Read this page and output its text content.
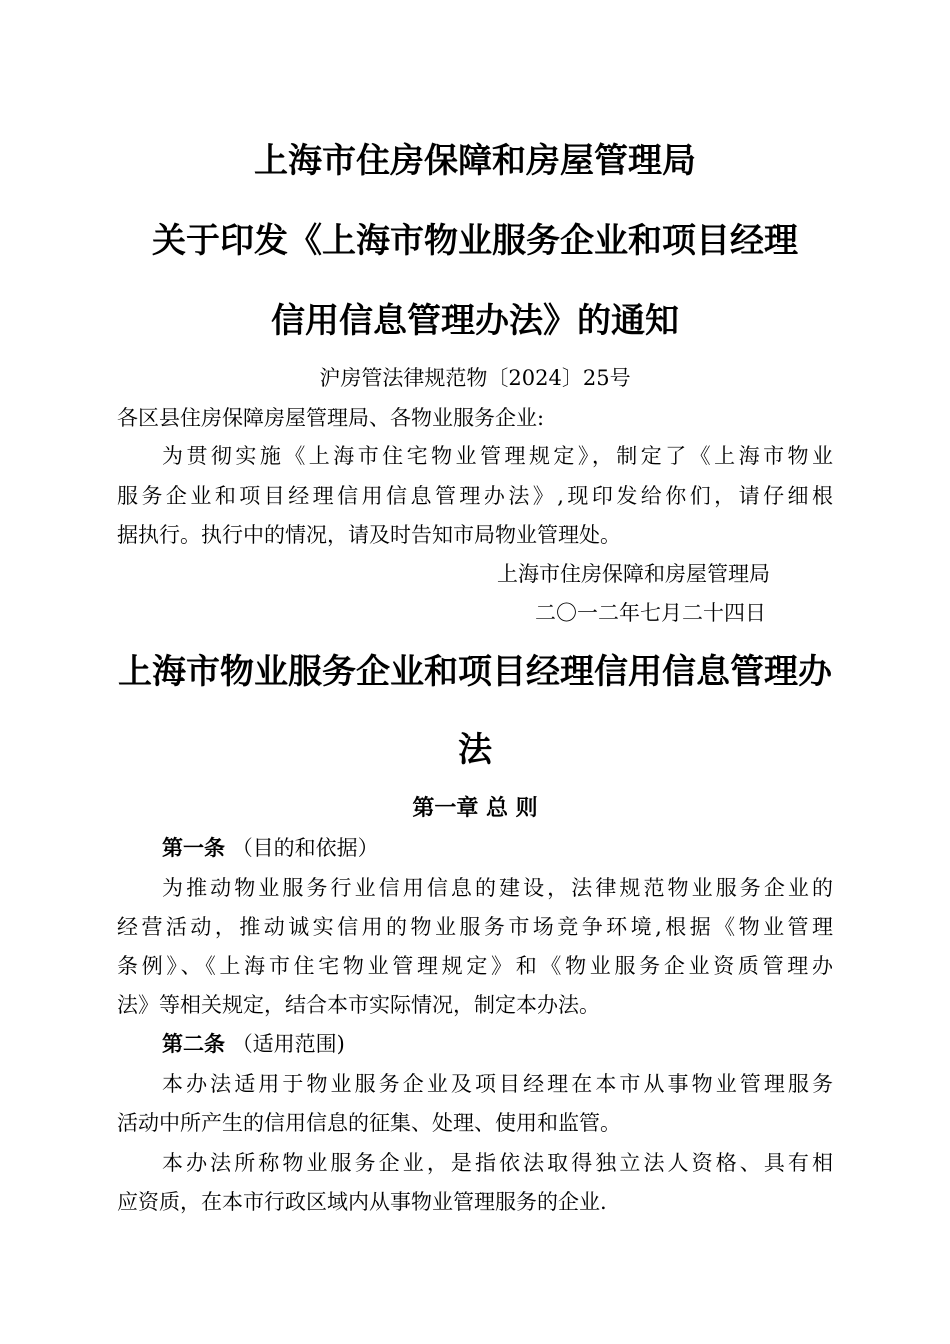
上海市住房保障和房屋管理局
关于印发《上海市物业服务企业和项目经理
信用信息管理办法》的通知
沪房管法律规范物〔2024〕25号
各区县住房保障房屋管理局、各物业服务企业:
为贯彻实施《上海市住宅物业管理规定》，制定了《上海市物业
服务企业和项目经理信用信息管理办法》,现印发给你们，请仔细根
据执行。执行中的情况，请及时告知市局物业管理处。
上海市住房保障和房屋管理局
二〇一二年七月二十四日
上海市物业服务企业和项目经理信用信息管理办
法
第一章 总 则
第一条 （目的和依据）
为推动物业服务行业信用信息的建设，法律规范物业服务企业的
经营活动，推动诚实信用的物业服务市场竞争环境,根据《物业管理
条例》、《上海市住宅物业管理规定》和《物业服务企业资质管理办
法》等相关规定，结合本市实际情况，制定本办法。
第二条 （适用范围)
本办法适用于物业服务企业及项目经理在本市从事物业管理服务
活动中所产生的信用信息的征集、处理、使用和监管。
本办法所称物业服务企业，是指依法取得独立法人资格、具有相
应资质，在本市行政区域内从事物业管理服务的企业.
